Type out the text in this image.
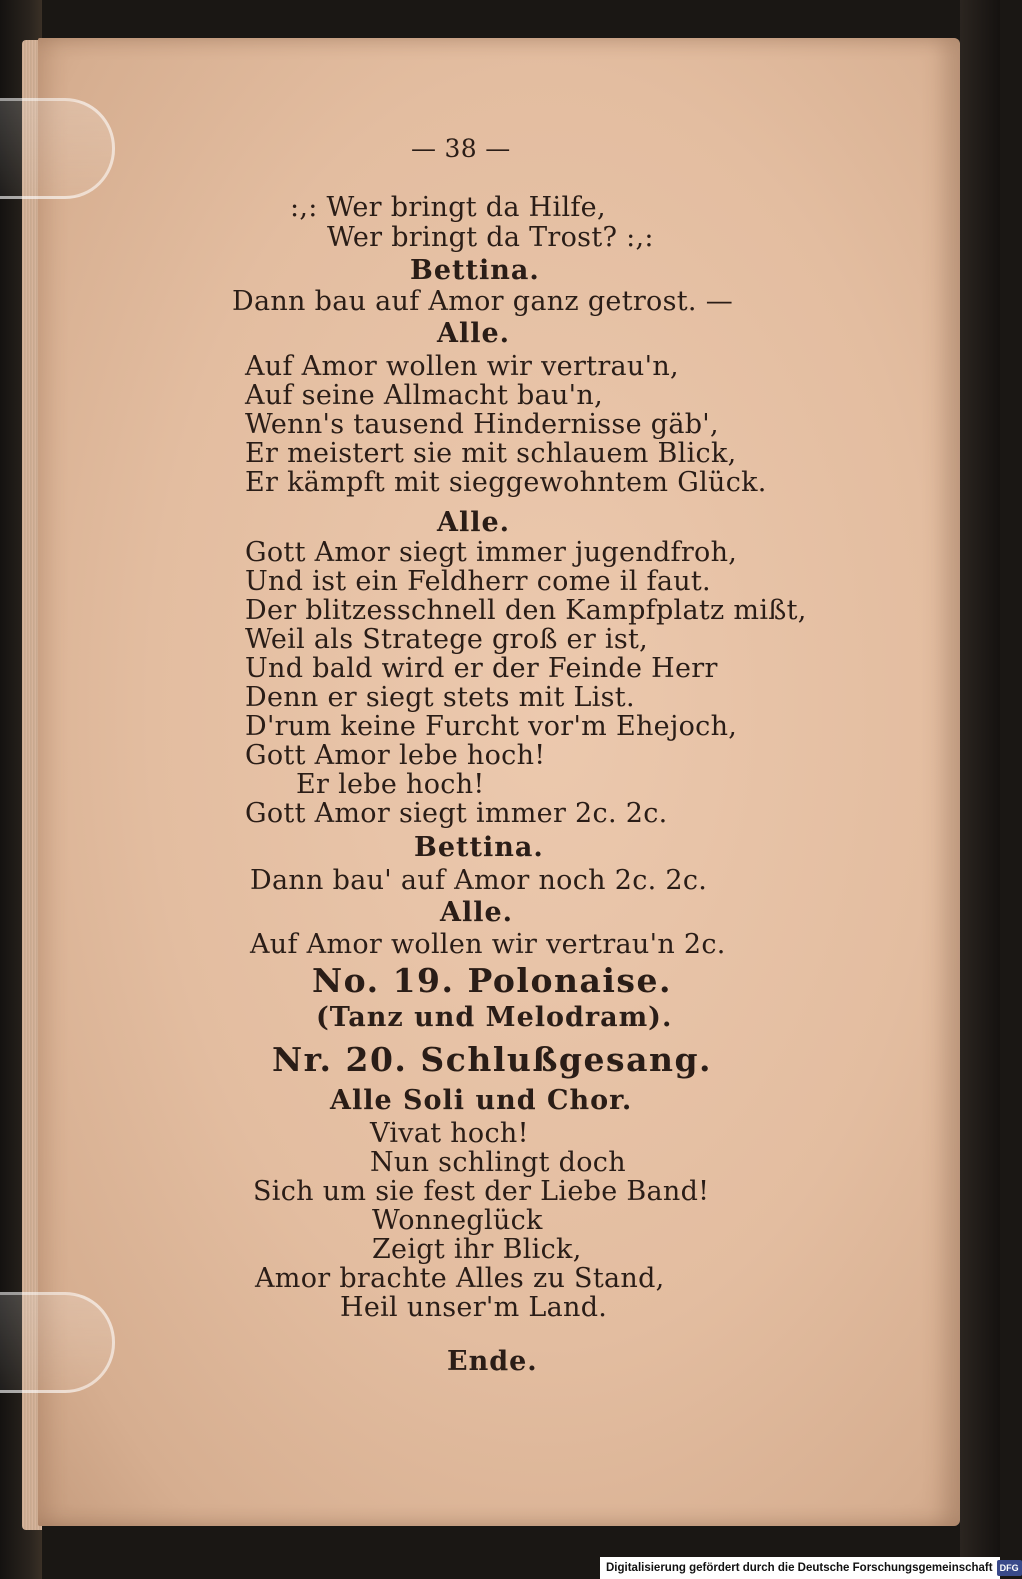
— 38 —
:,: Wer bringt da Hilfe,
Wer bringt da Trost? :,:
Bettina.
Dann bau auf Amor ganz getrost. —
Alle.
Auf Amor wollen wir vertrau'n,
Auf seine Allmacht bau'n,
Wenn's tausend Hindernisse gäb',
Er meistert sie mit schlauem Blick,
Er kämpft mit sieggewohntem Glück.
Alle.
Gott Amor siegt immer jugendfroh,
Und ist ein Feldherr come il faut.
Der blitzesschnell den Kampfplatz mißt,
Weil als Stratege groß er ist,
Und bald wird er der Feinde Herr
Denn er siegt stets mit List.
D'rum keine Furcht vor'm Ehejoch,
Gott Amor lebe hoch!
Er lebe hoch!
Gott Amor siegt immer 2c. 2c.
Bettina.
Dann bau' auf Amor noch 2c. 2c.
Alle.
Auf Amor wollen wir vertrau'n 2c.
No. 19. Polonaise.
(Tanz und Melodram).
Nr. 20. Schlußgesang.
Alle Soli und Chor.
Vivat hoch!
Nun schlingt doch
Sich um sie fest der Liebe Band!
Wonneglück
Zeigt ihr Blick,
Amor brachte Alles zu Stand,
Heil unser'm Land.
Ende.
Digitalisierung gefördert durch die Deutsche Forschungsgemeinschaft DFG
